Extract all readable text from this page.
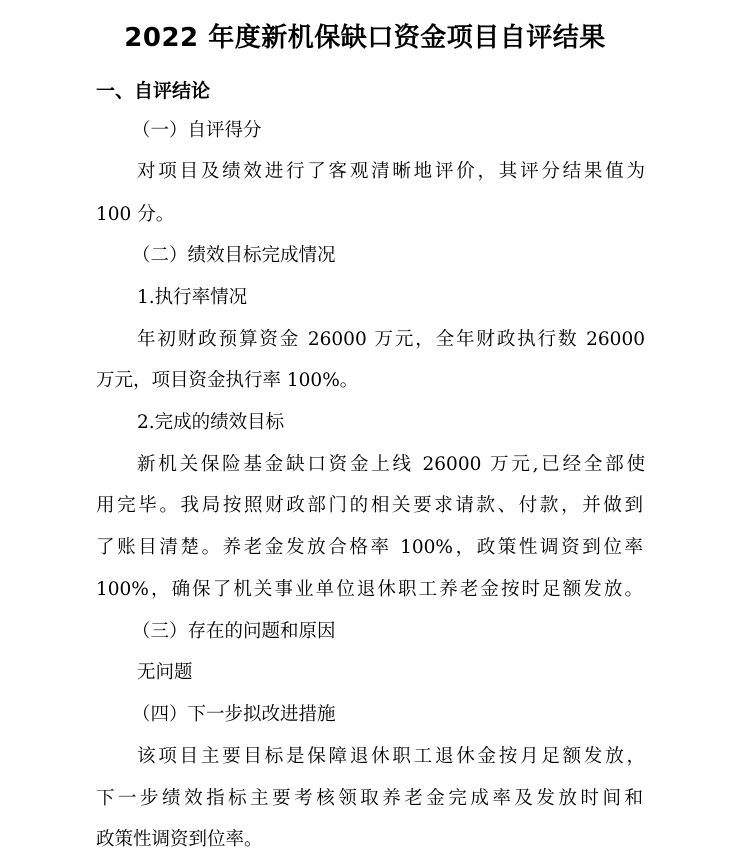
2022 年度新机保缺口资金项目自评结果
一、自评结论
（一）自评得分
对项目及绩效进行了客观清晰地评价，其评分结果值为
100 分。
（二）绩效目标完成情况
1.执行率情况
年初财政预算资金 26000 万元，全年财政执行数 26000
万元，项目资金执行率 100%。
2.完成的绩效目标
新机关保险基金缺口资金上线 26000 万元,已经全部使
用完毕。我局按照财政部门的相关要求请款、付款，并做到
了账目清楚。养老金发放合格率 100%，政策性调资到位率
100%，确保了机关事业单位退休职工养老金按时足额发放。
（三）存在的问题和原因
无问题
（四）下一步拟改进措施
该项目主要目标是保障退休职工退休金按月足额发放，
下一步绩效指标主要考核领取养老金完成率及发放时间和
政策性调资到位率。
